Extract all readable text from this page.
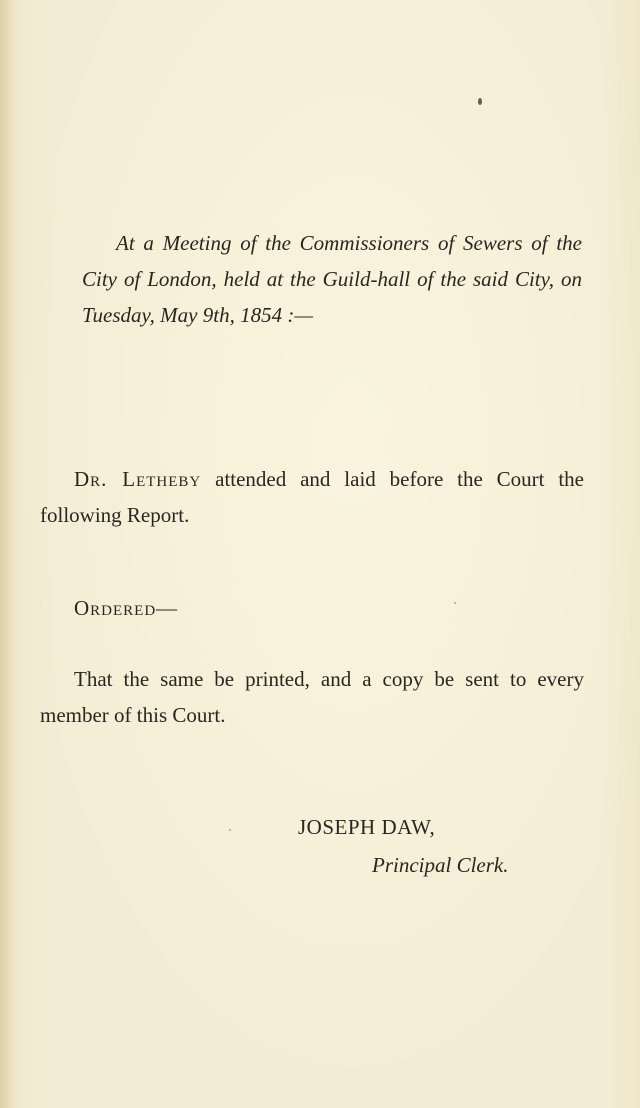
At a Meeting of the Commissioners of Sewers of the City of London, held at the Guild-hall of the said City, on Tuesday, May 9th, 1854 :—

Dr. Letheby attended and laid before the Court the following Report.

Ordered—

That the same be printed, and a copy be sent to every member of this Court.

JOSEPH DAW,
Principal Clerk.
